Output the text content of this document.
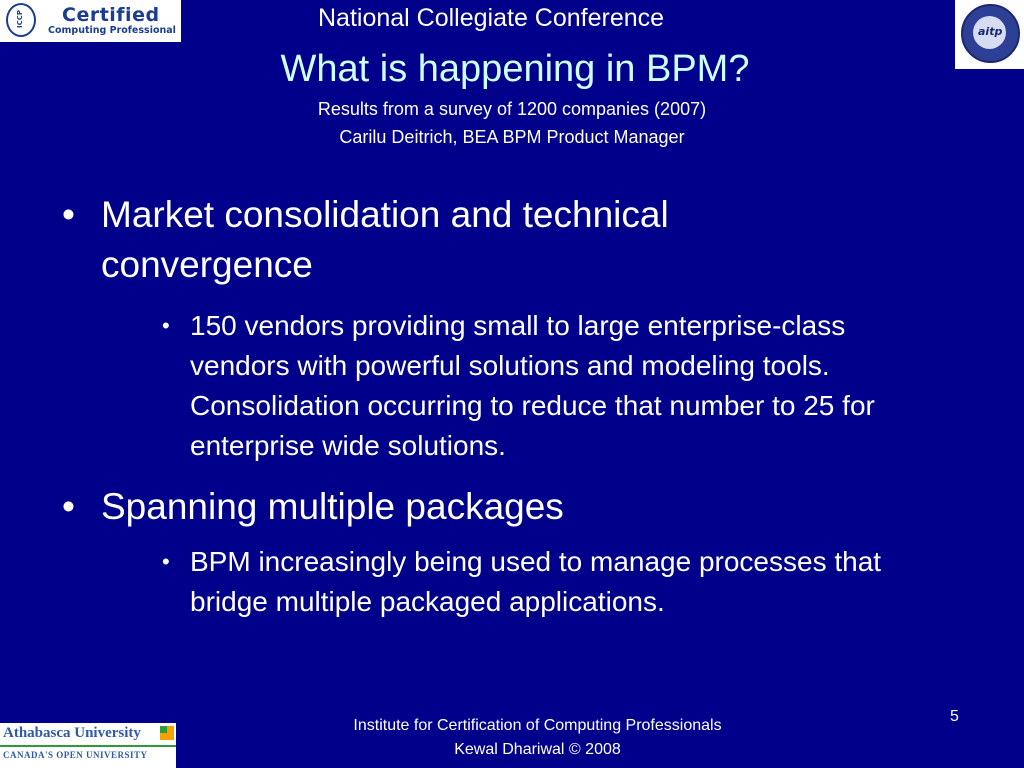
ICCP Certified
Computing Professional	aitp
National Collegiate Conference
What is happening in BPM?
Results from a survey of 1200 companies (2007)
Carilu Deitrich, BEA BPM Product Manager
• Market consolidation and technical convergence
• 150 vendors providing small to large enterprise-class vendors with powerful solutions and modeling tools. Consolidation occurring to reduce that number to 25 for enterprise wide solutions.
• Spanning multiple packages
• BPM increasingly being used to manage processes that bridge multiple packaged applications.
Athabasca University
CANADA'S OPEN UNIVERSITY
Institute for Certification of Computing Professionals
Kewal Dhariwal © 2008
5
